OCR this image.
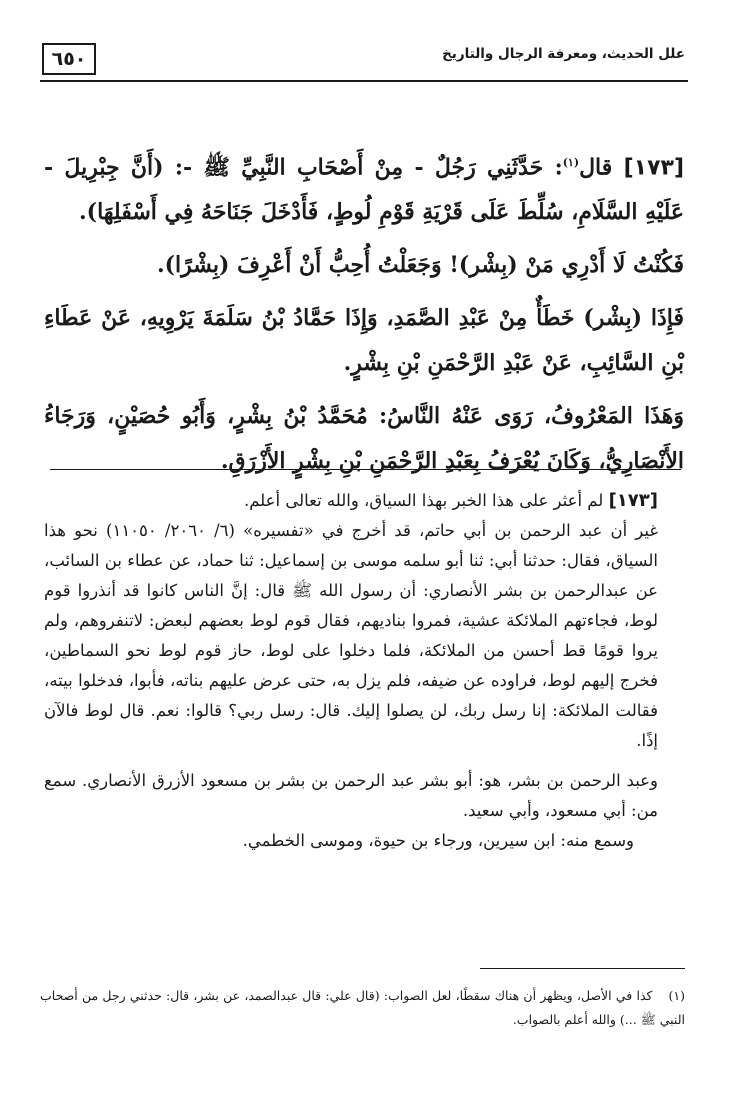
٦٥٠	علل الحديث، ومعرفة الرجال والتاريخ

[١٧٣] قال$^{(١)}$: حَدَّثَنِي رَجُلٌ - مِنْ أَصْحَابِ النَّبِيِّ ﷺ -: (أَنَّ جِبْرِيلَ - عَلَيْهِ السَّلَامِ، سُلِّطَ عَلَى قَرْيَةِ قَوْمِ لُوطٍ، فَأَدْخَلَ جَنَاحَهُ فِي أَسْفَلِهَا).

فَكُنْتُ لَا أَدْرِي مَنْ (بِشْر)! وَجَعَلْتُ أُحِبُّ أَنْ أَعْرِفَ (بِشْرًا).

فَإِذَا (بِشْر) خَطَأٌ مِنْ عَبْدِ الصَّمَدِ، وَإِذَا حَمَّادُ بْنُ سَلَمَةَ يَرْوِيهِ، عَنْ عَطَاءِ بْنِ السَّائِبِ، عَنْ عَبْدِ الرَّحْمَنِ بْنِ بِشْرٍ.

وَهَذَا المَعْرُوفُ، رَوَى عَنْهُ النَّاسُ: مُحَمَّدُ بْنُ بِشْرٍ، وَأَبُو حُصَيْنٍ، وَرَجَاءُ الأَنْصَارِيُّ، وَكَانَ يُعْرَفُ بِعَبْدِ الرَّحْمَنِ بْنِ بِشْرٍ الأَزْرَقِ.

[١٧٣] لم أعثر على هذا الخبر بهذا السياق، والله تعالى أعلم.

غير أن عبد الرحمن بن أبي حاتم، قد أخرج في «تفسيره» (٦/ ٢٠٦٠/ ١١٠٥٠) نحو هذا السياق، فقال: حدثنا أبي: ثنا أبو سلمه موسى بن إسماعيل: ثنا حماد، عن عطاء بن السائب، عن عبدالرحمن بن بشر الأنصاري: أن رسول الله ﷺ قال: إنَّ الناس كانوا قد أنذروا قوم لوط، فجاءتهم الملائكة عشية، فمروا بناديهم، فقال قوم لوط بعضهم لبعض: لاتنفروهم، ولم يروا قومًا قط أحسن من الملائكة، فلما دخلوا على لوط، حاز قوم لوط نحو السماطين، فخرج إليهم لوط، فراوده عن ضيفه، فلم يزل به، حتى عرض عليهم بناته، فأبوا، فدخلوا بيته، فقالت الملائكة: إنا رسل ربك، لن يصلوا إليك. قال: رسل ربي؟ قالوا: نعم. قال لوط فالآن إذًا.

وعبد الرحمن بن بشر، هو: أبو بشر عبد الرحمن بن بشر بن مسعود الأزرق الأنصاري. سمع من: أبي مسعود، وأبي سعيد.

وسمع منه: ابن سيرين، ورجاء بن حيوة، وموسى الخطمي.

(١)كذا في الأصل، ويظهر أن هناك سقطًا، لعل الصواب: (قال علي: قال عبدالصمد، عن بشر، قال: حدثني رجل من أصحاب النبي ﷺ ...) والله أعلم بالصواب.
